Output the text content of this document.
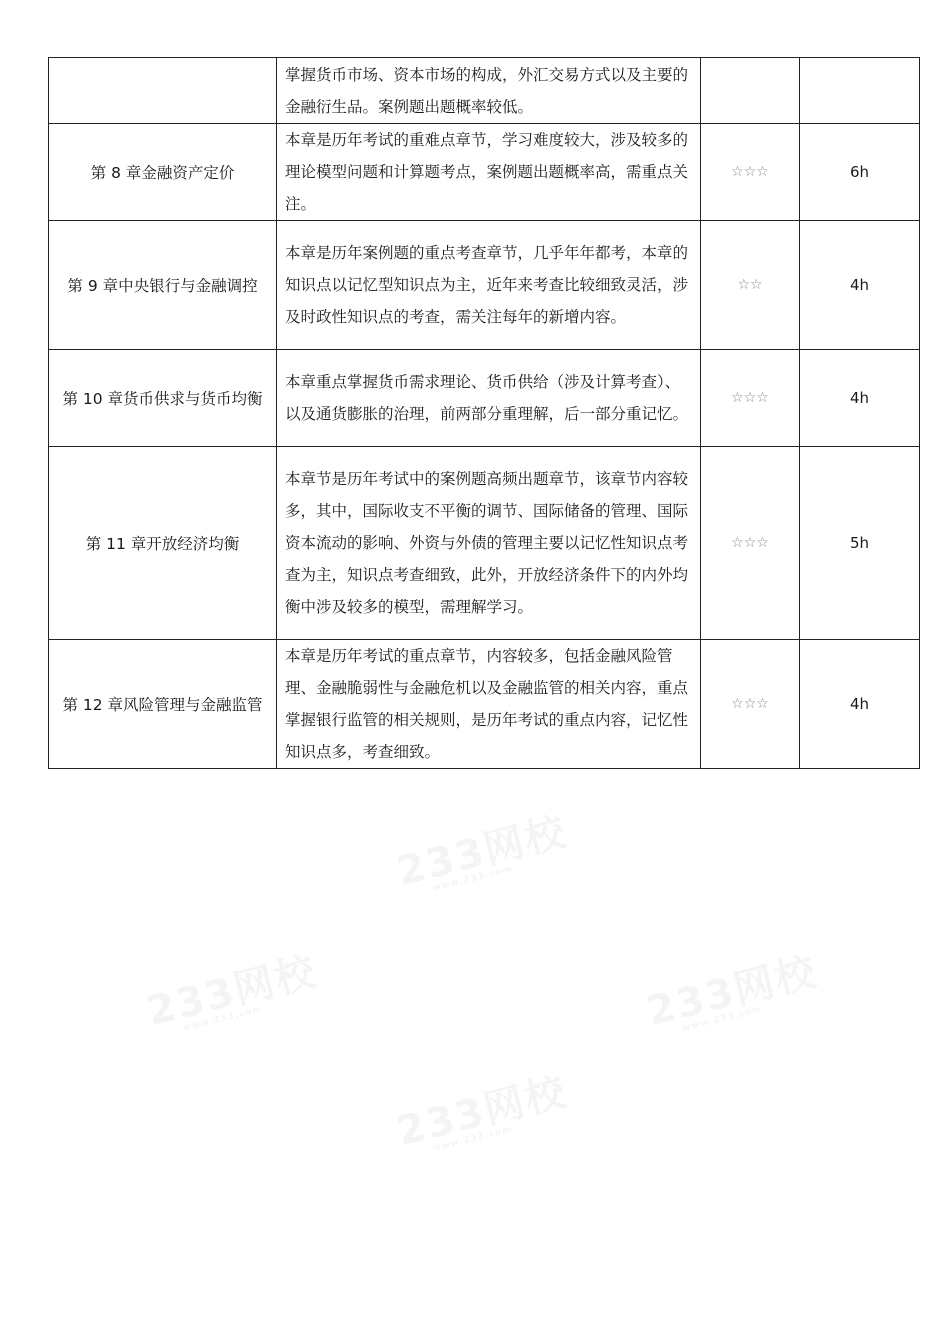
	掌握货币市场、资本市场的构成，外汇交易方式以及主要的金融衍生品。案例题出题概率较低。		
第 8 章金融资产定价	本章是历年考试的重难点章节，学习难度较大，涉及较多的理论模型问题和计算题考点，案例题出题概率高，需重点关注。	☆☆☆	6h
第 9 章中央银行与金融调控	本章是历年案例题的重点考查章节，几乎年年都考，本章的知识点以记忆型知识点为主，近年来考查比较细致灵活，涉及时政性知识点的考查，需关注每年的新增内容。	☆☆	4h
第 10 章货币供求与货币均衡	本章重点掌握货币需求理论、货币供给（涉及计算考查）、以及通货膨胀的治理，前两部分重理解，后一部分重记忆。	☆☆☆	4h
第 11 章开放经济均衡	本章节是历年考试中的案例题高频出题章节，该章节内容较多，其中，国际收支不平衡的调节、国际储备的管理、国际资本流动的影响、外资与外债的管理主要以记忆性知识点考查为主，知识点考查细致，此外，开放经济条件下的内外均衡中涉及较多的模型，需理解学习。	☆☆☆	5h
第 12 章风险管理与金融监管	本章是历年考试的重点章节，内容较多，包括金融风险管理、金融脆弱性与金融危机以及金融监管的相关内容，重点掌握银行监管的相关规则，是历年考试的重点内容，记忆性知识点多，考查细致。	☆☆☆	4h
